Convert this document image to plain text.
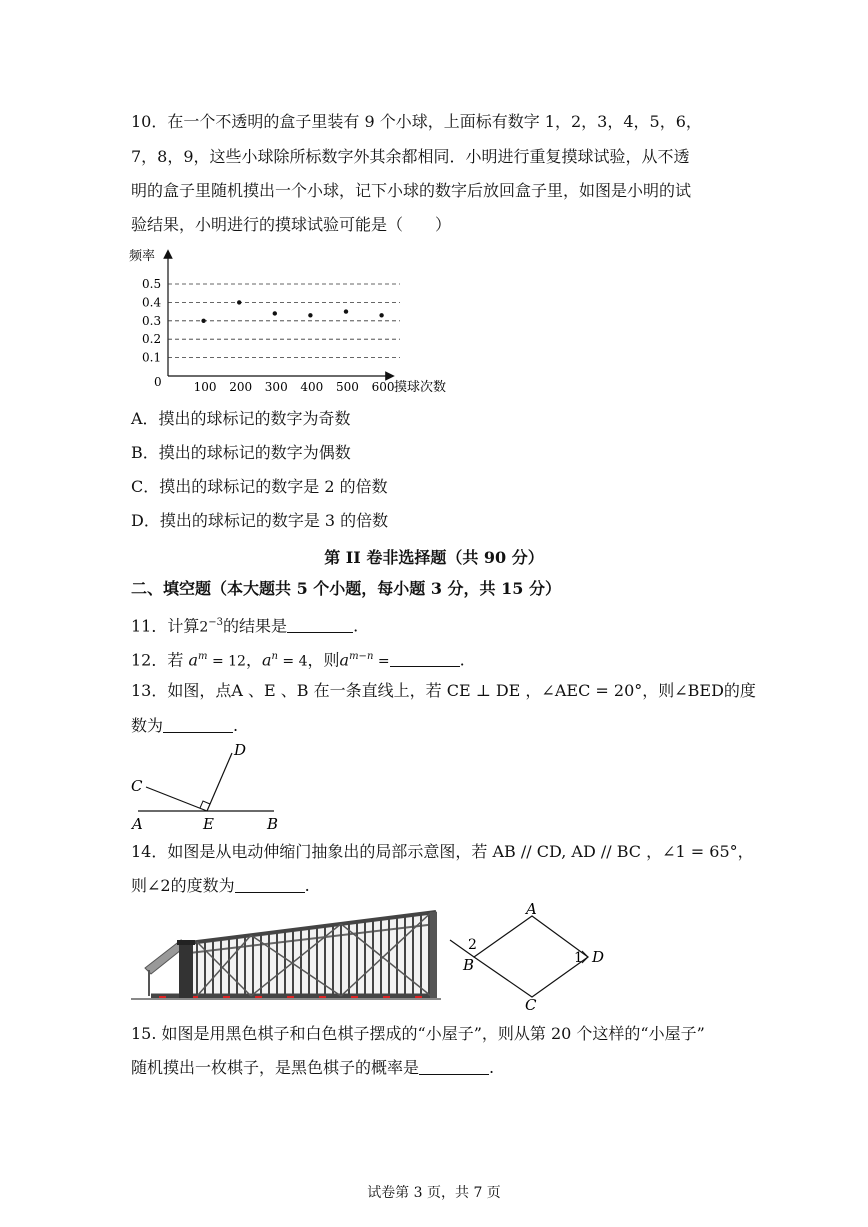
10．在一个不透明的盒子里装有 9 个小球，上面标有数字 1，2，3，4，5，6，
7，8，9，这些小球除所标数字外其余都相同．小明进行重复摸球试验，从不透
明的盒子里随机摸出一个小球，记下小球的数字后放回盒子里，如图是小明的试
验结果，小明进行的摸球试验可能是（　　）
频率
0	摸球次数
0.1
0.2
0.3
0.4
0.5
100 200 300 400 500 600
A．摸出的球标记的数字为奇数
B．摸出的球标记的数字为偶数
C．摸出的球标记的数字是 2 的倍数
D．摸出的球标记的数字是 3 的倍数
第 II 卷非选择题（共 90 分）
二、填空题（本大题共 5 个小题，每小题 3 分，共 15 分）
11．计算$2^{-3}$的结果是	.
12．若 $a^m = 12$，$a^n = 4$，则$a^{m-n}$ =	.
13．如图，点A 、E 、B 在一条直线上，若 CE ⊥ DE ，∠AEC = 20°，则∠BED的度
数为	.
C
D
A	E	B
14．如图是从电动伸缩门抽象出的局部示意图，若 AB // CD, AD // BC ，∠1 = 65°，
则∠2的度数为	.
A
B
C
D
1
2
15. 如图是用黑色棋子和白色棋子摆成的“小屋子”，则从第 20 个这样的“小屋子”
随机摸出一枚棋子，是黑色棋子的概率是	.
试卷第 3 页，共 7 页
